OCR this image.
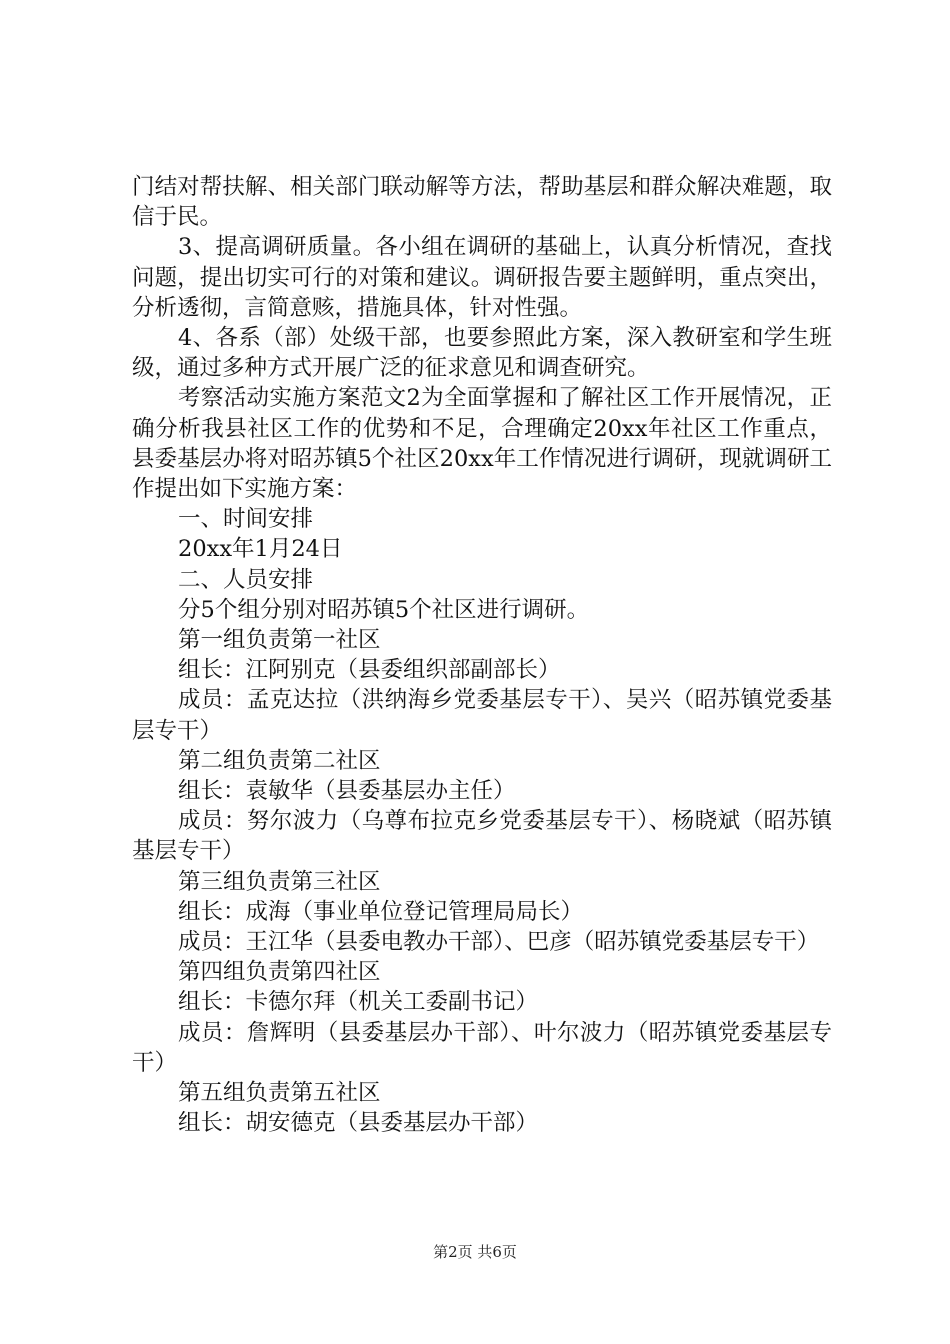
门结对帮扶解、相关部门联动解等方法，帮助基层和群众解决难题，取信于民。

3、提高调研质量。各小组在调研的基础上，认真分析情况，查找问题，提出切实可行的对策和建议。调研报告要主题鲜明，重点突出，分析透彻，言简意赅，措施具体，针对性强。

4、各系（部）处级干部，也要参照此方案，深入教研室和学生班级，通过多种方式开展广泛的征求意见和调查研究。

考察活动实施方案范文2为全面掌握和了解社区工作开展情况，正确分析我县社区工作的优势和不足，合理确定20xx年社区工作重点，县委基层办将对昭苏镇5个社区20xx年工作情况进行调研，现就调研工作提出如下实施方案：

一、时间安排

20xx年1月24日

二、人员安排

分5个组分别对昭苏镇5个社区进行调研。

第一组负责第一社区

组长：江阿别克（县委组织部副部长）

成员：孟克达拉（洪纳海乡党委基层专干）、吴兴（昭苏镇党委基层专干）

第二组负责第二社区

组长：袁敏华（县委基层办主任）

成员：努尔波力（乌尊布拉克乡党委基层专干）、杨晓斌（昭苏镇基层专干）

第三组负责第三社区

组长：成海（事业单位登记管理局局长）

成员：王江华（县委电教办干部）、巴彦（昭苏镇党委基层专干）

第四组负责第四社区

组长：卡德尔拜（机关工委副书记）

成员：詹辉明（县委基层办干部）、叶尔波力（昭苏镇党委基层专干）

第五组负责第五社区

组长：胡安德克（县委基层办干部）

第2页 共6页
